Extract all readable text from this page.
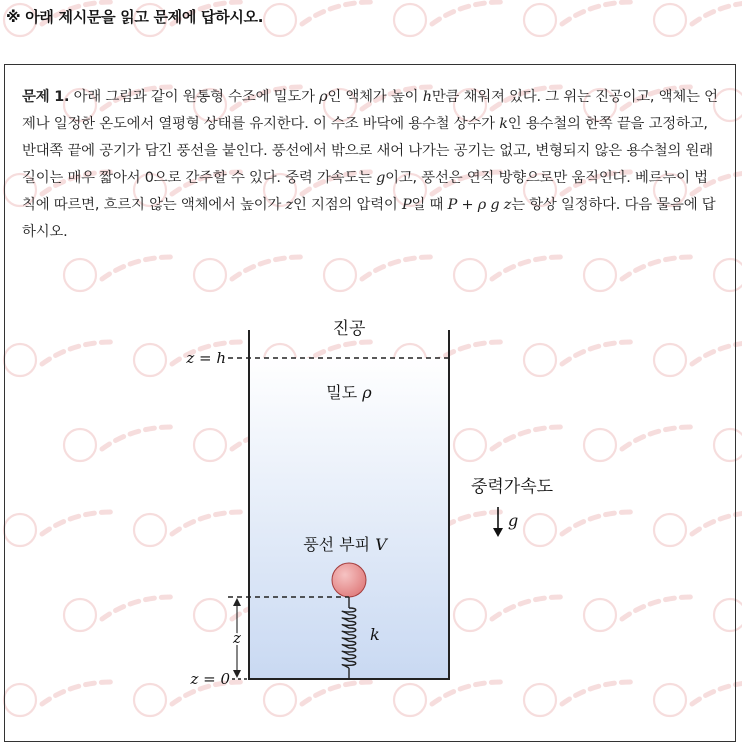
※ 아래 제시문을 읽고 문제에 답하시오.
문제 1. 아래 그림과 같이 원통형 수조에 밀도가 ρ인 액체가 높이 h만큼 채워져 있다. 그 위는 진공이고, 액체는 언제나 일정한 온도에서 열평형 상태를 유지한다. 이 수조 바닥에 용수철 상수가 k인 용수철의 한쪽 끝을 고정하고, 반대쪽 끝에 공기가 담긴 풍선을 붙인다. 풍선에서 밖으로 새어 나가는 공기는 없고, 변형되지 않은 용수철의 원래 길이는 매우 짧아서 0으로 간주할 수 있다. 중력 가속도는 g이고, 풍선은 연직 방향으로만 움직인다. 베르누이 법칙에 따르면, 흐르지 않는 액체에서 높이가 z인 지점의 압력이 P일 때 P + ρ g z는 항상 일정하다. 다음 물음에 답하시오.
진공
z = h
밀도 ρ
중력가속도
g
풍선 부피 V
k
z
z = 0
